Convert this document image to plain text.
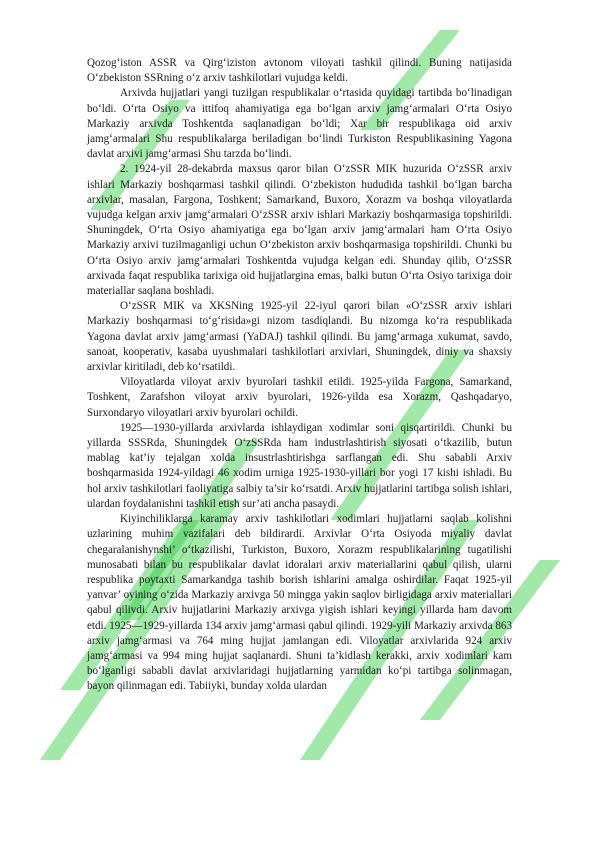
Qozog‘iston ASSR va Qirg‘iziston avtonom viloyati tashkil qilindi. Buning natijasida O‘zbekiston SSRning o‘z arxiv tashkilotlari vujudga keldi.

Arxivda hujjatlari yangi tuzilgan respublikalar o‘rtasida quyidagi tartibda bo‘linadigan bo‘ldi. O‘rta Osiyo va ittifoq ahamiyatiga ega bo‘lgan arxiv jamg‘armalari O‘rta Osiyo Markaziy arxivda Toshkentda saqlanadigan bo‘ldi; Xar bir respublikaga oid arxiv jamg‘armalari Shu respublikalarga beriladigan bo‘lindi Turkiston Respublikasining Yagona davlat arxivi jamg‘armasi Shu tarzda bo‘lindi.

2. 1924-yil 28-dekabrda maxsus qaror bilan O‘zSSR MIK huzurida O‘zSSR arxiv ishlari Markaziy boshqarmasi tashkil qilindi. O‘zbekiston hududida tashkil bo‘lgan barcha arxivlar, masalan, Fargona, Toshkent; Samarkand, Buxoro, Xorazm va boshqa viloyatlarda vujudga kelgan arxiv jamg‘armalari O‘zSSR arxiv ishlari Markaziy boshqarmasiga topshirildi. Shuningdek, O‘rta Osiyo ahamiyatiga ega bo‘lgan arxiv jamg‘armalari ham O‘rta Osiyo Markaziy arxivi tuzilmaganligi uchun O‘zbekiston arxiv boshqarmasiga topshirildi. Chunki bu O‘rta Osiyo arxiv jamg‘armalari Toshkentda vujudga kelgan edi. Shunday qilib, O‘zSSR arxivada faqat respublika tarixiga oid hujjatlargina emas, balki butun O‘rta Osiyo tarixiga doir materiallar saqlana boshladi.

O‘zSSR MIK va XKSNing 1925-yil 22-iyul qarori bilan «O‘zSSR arxiv ishlari Markaziy boshqarmasi to‘g‘risida»gi nizom tasdiqlandi. Bu nizomga ko‘ra respublikada Yagona davlat arxiv jamg‘armasi (YaDAJ) tashkil qilindi. Bu jamg‘armaga xukumat, savdo, sanoat, kooperativ, kasaba uyushmalari tashkilotlari arxivlari, Shuningdek, diniy va shaxsiy arxivlar kiritiladi, deb ko‘rsatildi.

Viloyatlarda viloyat arxiv byurolari tashkil etildi. 1925-yilda Fargona, Samarkand, Toshkent, Zarafshon viloyat arxiv byurolari, 1926-yilda esa Xorazm, Qashqadaryo, Surxondaryo viloyatlari arxiv byurolari ochildi.

1925—1930-yillarda arxivlarda ishlaydigan xodimlar soni qisqartirildi. Chunki bu yillarda SSSRda, Shuningdek O‘zSSRda ham industrlashtirish siyosati o‘tkazilib, butun mablag kat’iy tejalgan xolda insustrlashtirishga sarflangan edi. Shu sababli Arxiv boshqarmasida 1924-yildagi 46 xodim urniga 1925-1930-yillari bor yogi 17 kishi ishladi. Bu hol arxiv tashkilotlari faoliyatiga salbiy ta’sir ko‘rsatdi. Arxiv hujjatlarini tartibga solish ishlari, ulardan foydalanishni tashkil etish sur’ati ancha pasaydi.

Kiyinchiliklarga karamay arxiv tashkilotlari xodimlari hujjatlarni saqlab kolishni uzlarining muhim vazifalari deb bildirardi. Arxivlar O‘rta Osiyoda miyaliy davlat chegaralanishynshi’ o‘tkazilishi, Turkiston, Buxoro, Xorazm respublikalarining tugatilishi munosabati bilan bu respublikalar davlat idoralari arxiv materiallarini qabul qilish, ularni respublika poytaxti Samarkandga tashib borish ishlarini amalga oshirdilar. Faqat 1925-yil yanvar’ oyining o‘zida Markaziy arxivga 50 mingga yakin saqlov birligidaga arxiv materiallari qabul qilivdi. Arxiv hujjatlarini Markaziy arxivga yigish ishlari keyingi yillarda ham davom etdi. 1925—1929-yillarda 134 arxiv jamg‘armasi qabul qilindi. 1929-yili Markaziy arxivda 863 arxiv jamg‘armasi va 764 ming hujjat jamlangan edi. Viloyatlar arxivlarida 924 arxiv jamg‘armasi va 994 ming hujjat saqlanardi. Shuni ta’kidlash kerakki, arxiv xodimlari kam bo‘lganligi sababli davlat arxivlaridagi hujjatlarning yarmidan ko‘pi tartibga solinmagan, bayon qilinmagan edi. Tabiiyki, bunday xolda ulardan
